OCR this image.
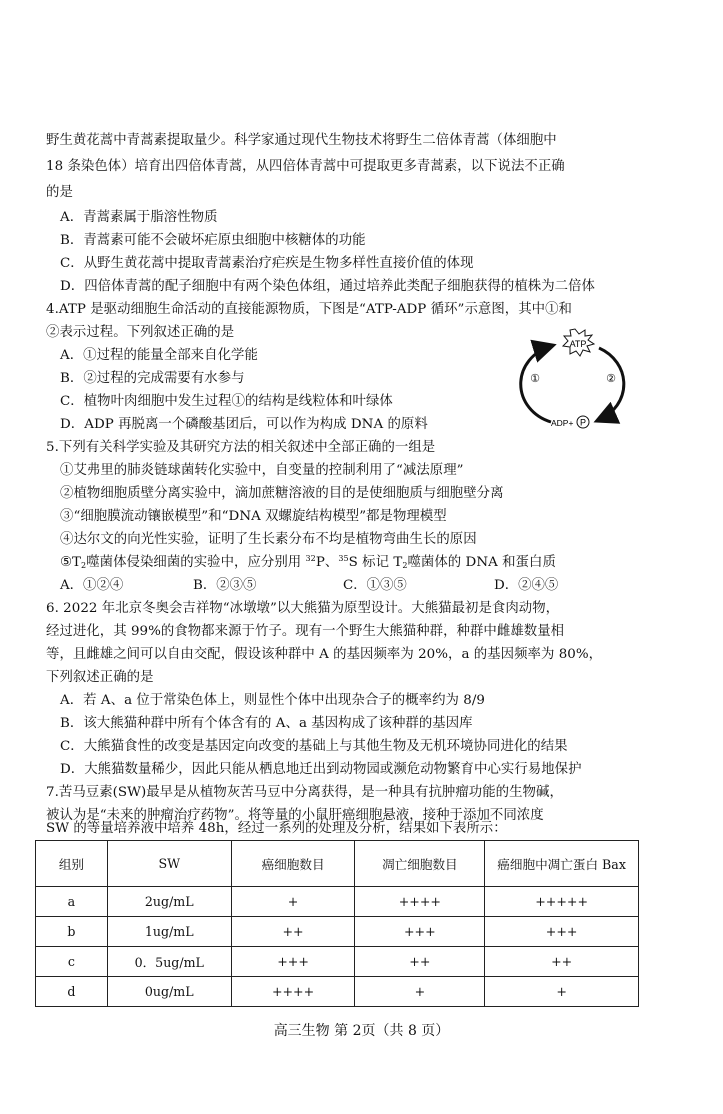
野生黄花蒿中青蒿素提取量少。科学家通过现代生物技术将野生二倍体青蒿（体细胞中
18 条染色体）培育出四倍体青蒿，从四倍体青蒿中可提取更多青蒿素，以下说法不正确
的是
A．青蒿素属于脂溶性物质
B．青蒿素可能不会破坏疟原虫细胞中核糖体的功能
C．从野生黄花蒿中提取青蒿素治疗疟疾是生物多样性直接价值的体现
D．四倍体青蒿的配子细胞中有两个染色体组，通过培养此类配子细胞获得的植株为二倍体
4.ATP 是驱动细胞生命活动的直接能源物质，下图是“ATP-ADP 循环”示意图，其中①和
②表示过程。下列叙述正确的是
A．①过程的能量全部来自化学能
B．②过程的完成需要有水参与
C．植物叶肉细胞中发生过程①的结构是线粒体和叶绿体
D．ADP 再脱离一个磷酸基团后，可以作为构成 DNA 的原料
ATP
①	②
ADP+ P
5.下列有关科学实验及其研究方法的相关叙述中全部正确的一组是
①艾弗里的肺炎链球菌转化实验中，自变量的控制利用了“减法原理”
②植物细胞质壁分离实验中，滴加蔗糖溶液的目的是使细胞质与细胞壁分离
③“细胞膜流动镶嵌模型”和“DNA 双螺旋结构模型”都是物理模型
④达尔文的向光性实验，证明了生长素分布不均是植物弯曲生长的原因
$⑤T_2$噬菌体侵染细菌的实验中，应分别用 $^{32}$P、$^{35}$S 标记 $T_2$噬菌体的 DNA 和蛋白质
A．①②④	B．②③⑤	C．①③⑤	D．②④⑤
6. 2022 年北京冬奥会吉祥物“冰墩墩”以大熊猫为原型设计。大熊猫最初是食肉动物，
经过进化，其 99%的食物都来源于竹子。现有一个野生大熊猫种群，种群中雌雄数量相
等，且雌雄之间可以自由交配，假设该种群中 A 的基因频率为 20%，a 的基因频率为 80%，
下列叙述正确的是
A．若 A、a 位于常染色体上，则显性个体中出现杂合子的概率约为 8/9
B．该大熊猫种群中所有个体含有的 A、a 基因构成了该种群的基因库
C．大熊猫食性的改变是基因定向改变的基础上与其他生物及无机环境协同进化的结果
D．大熊猫数量稀少，因此只能从栖息地迁出到动物园或濒危动物繁育中心实行易地保护
7.苦马豆素(SW)最早是从植物灰苦马豆中分离获得，是一种具有抗肿瘤功能的生物碱，
被认为是“未来的肿瘤治疗药物”。将等量的小鼠肝癌细胞悬液，接种于添加不同浓度
SW 的等量培养液中培养 48h，经过一系列的处理及分析，结果如下表所示：
组别	SW	癌细胞数目	凋亡细胞数目	癌细胞中凋亡蛋白 Bax
a	2ug/mL	+	++++	+++++
b	1ug/mL	++	+++	+++
c	0．5ug/mL	+++	++	++
d	0ug/mL	++++	+	+
高三生物 第 2页（共 8 页）
